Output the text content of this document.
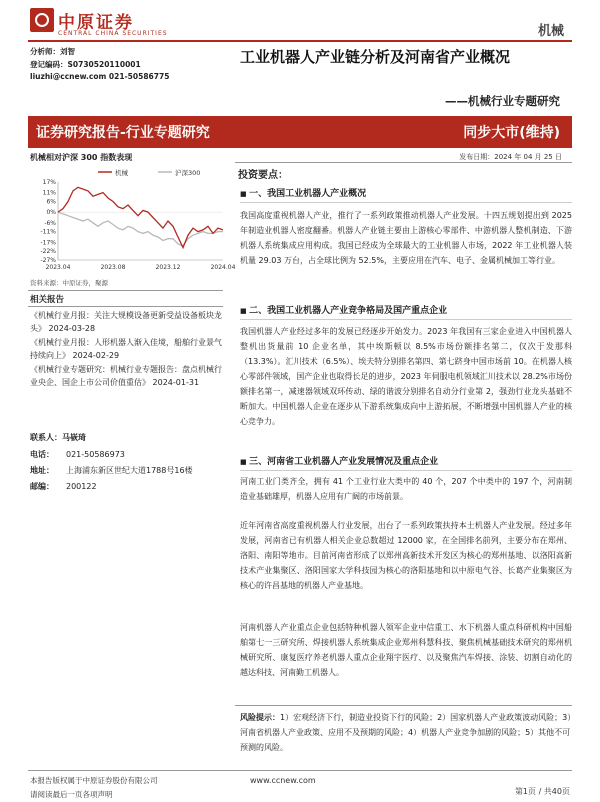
中原证券
CENTRAL CHINA SECURITIES	机械
分析师：刘智
登记编码：S0730520110001
liuzhi@ccnew.com 021-50586775
工业机器人产业链分析及河南省产业概况
——机械行业专题研究
证券研究报告-行业专题研究	同步大市(维持)
机械相对沪深 300 指数表现
机械	沪深300
17%
11%
6%
0%
-6%
-11%
-17%
-22%
-27%
2023.04	2023.08	2023.12	2024.04
资料来源：中原证券，聚源
相关报告
《机械行业月报：关注大规模设备更新受益设备板块龙头》 2024-03-28
《机械行业月报：人形机器人渐入佳境，船舶行业景气持续向上》 2024-02-29
《机械行业专题研究：机械行业专题报告：盘点机械行业央企、国企上市公司价值重估》 2024-01-31
联系人：马嵚琦
电话： 021-50586973
地址： 上海浦东新区世纪大道1788号16楼
邮编： 200122
发布日期：2024 年 04 月 25 日
投资要点：
■ 一、我国工业机器人产业概况
我国高度重视机器人产业，推行了一系列政策推动机器人产业发展。十四五规划提出到 2025 年制造业机器人密度翻番。机器人产业链主要由上游核心零部件、中游机器人整机制造、下游机器人系统集成应用构成。我国已经成为全球最大的工业机器人市场，2022 年工业机器人装机量 29.03 万台，占全球比例为 52.5%，主要应用在汽车、电子、金属机械加工等行业。
■ 二、我国工业机器人产业竞争格局及国产重点企业
我国机器人产业经过多年的发展已经逐步开始发力。2023 年我国有三家企业进入中国机器人整机出货量前 10 企业名单，其中埃斯顿以 8.5%市场份额排名第二，仅次于发那科（13.3%）。汇川技术（6.5%）、埃夫特分别排名第四、第七跻身中国市场前 10。在机器人核心零部件领域，国产企业也取得长足的进步，2023 年伺服电机领域汇川技术以 28.2%市场份额排名第一，减速器领域双环传动、绿的谐波分别排名自动分行业第 2，强劲行业龙头基础不断加大。中国机器人企业在逐步从下游系统集成向中上游拓展，不断增强中国机器人产业的核心竞争力。
■ 三、河南省工业机器人产业发展情况及重点企业
河南工业门类齐全，拥有 41 个工业行业大类中的 40 个，207 个中类中的 197 个，河南制造业基础雄厚，机器人应用有广阔的市场前景。
近年河南省高度重视机器人行业发展，出台了一系列政策扶持本土机器人产业发展。经过多年发展，河南省已有机器人相关企业总数超过 12000 家，在全国排名前列，主要分布在郑州、洛阳、南阳等地市。目前河南省形成了以郑州高新技术开发区为核心的郑州基地、以洛阳高新技术产业集聚区、洛阳国家大学科技园为核心的洛阳基地和以中原电气谷、长葛产业集聚区为核心的许昌基地的机器人产业基地。
河南机器人产业重点企业包括特种机器人领军企业中信重工、水下机器人重点科研机构中国船舶第七一三研究所、焊接机器人系统集成企业郑州科慧科技、聚焦机械基础技术研究的郑州机械研究所、康复医疗养老机器人重点企业翔宇医疗、以及聚焦汽车焊接、涂装、切割自动化的越达科技、河南勤工机器人。
风险提示：1）宏观经济下行，制造业投资下行的风险；2）国家机器人产业政策波动风险；3）河南省机器人产业政策、应用不及预期的风险；4）机器人产业竞争加剧的风险；5）其他不可预测的风险。
本报告版权属于中原证券股份有限公司
请阅读最后一页各项声明
www.ccnew.com
第1页 / 共40页
